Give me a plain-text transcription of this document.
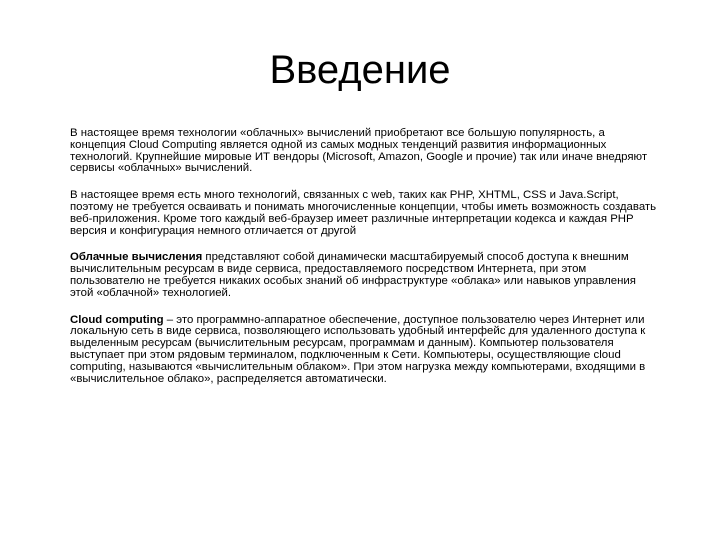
Введение

В настоящее время технологии «облачных» вычислений приобретают все большую популярность, а концепция Cloud Computing является одной из самых модных тенденций развития информационных технологий. Крупнейшие мировые ИТ вендоры (Microsoft, Amazon, Google и прочие) так или иначе внедряют сервисы «облачных» вычислений.

В настоящее время есть много технологий, связанных с web, таких как PHP, XHTML, CSS и Java.Script, поэтому не требуется осваивать и понимать многочисленные концепции, чтобы иметь возможность создавать веб-приложения. Кроме того каждый веб-браузер имеет различные интерпретации кодекса и каждая PHP версия и конфигурация немного отличается от другой

Облачные вычисления представляют собой динамически масштабируемый способ доступа к внешним вычислительным ресурсам в виде сервиса, предоставляемого посредством Интернета, при этом пользователю не требуется никаких особых знаний об инфраструктуре «облака» или навыков управления этой «облачной» технологией.

Cloud computing – это программно-аппаратное обеспечение, доступное пользователю через Интернет или локальную сеть в виде сервиса, позволяющего использовать удобный интерфейс для удаленного доступа к выделенным ресурсам (вычислительным ресурсам, программам и данным). Компьютер пользователя выступает при этом рядовым терминалом, подключенным к Сети. Компьютеры, осуществляющие cloud computing, называются «вычислительным облаком». При этом нагрузка между компьютерами, входящими в «вычислительное облако», распределяется автоматически.
